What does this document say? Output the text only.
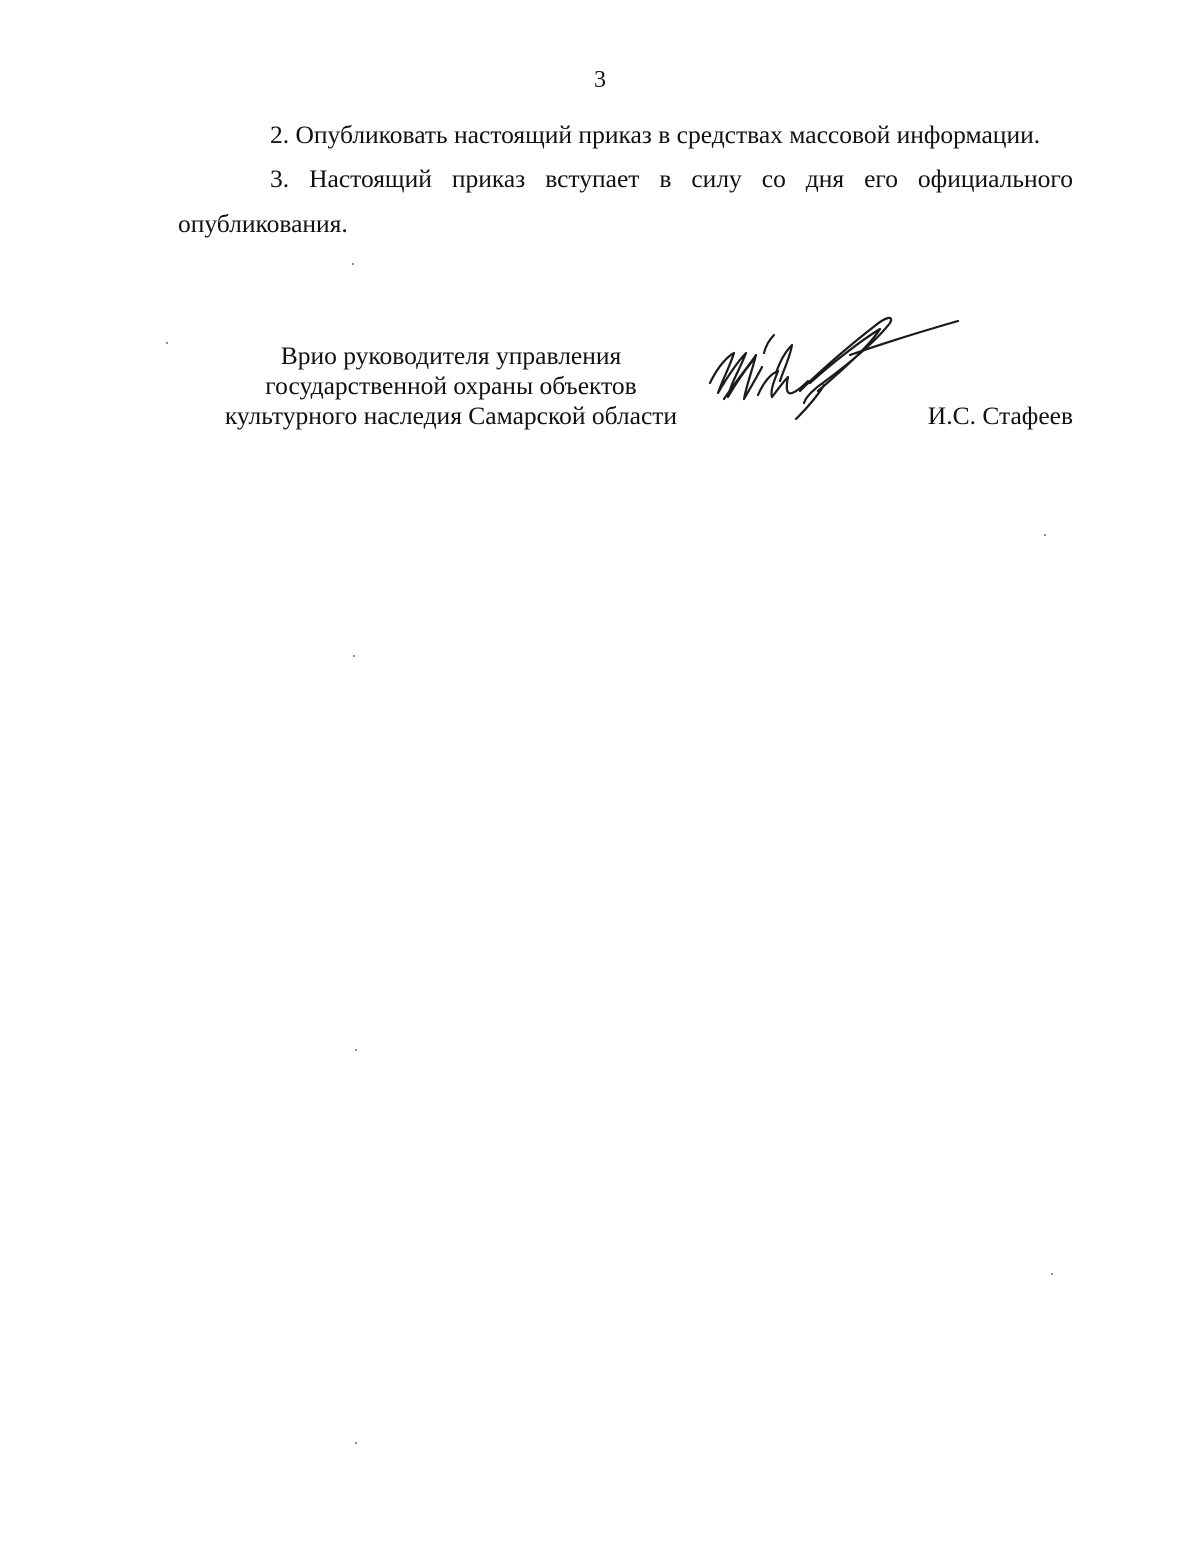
3

2. Опубликовать настоящий приказ в средствах массовой информации.

3. Настоящий приказ вступает в силу со дня его официального опубликования.

Врио руководителя управления
государственной охраны объектов
культурного наследия Самарской области	И.С. Стафеев
